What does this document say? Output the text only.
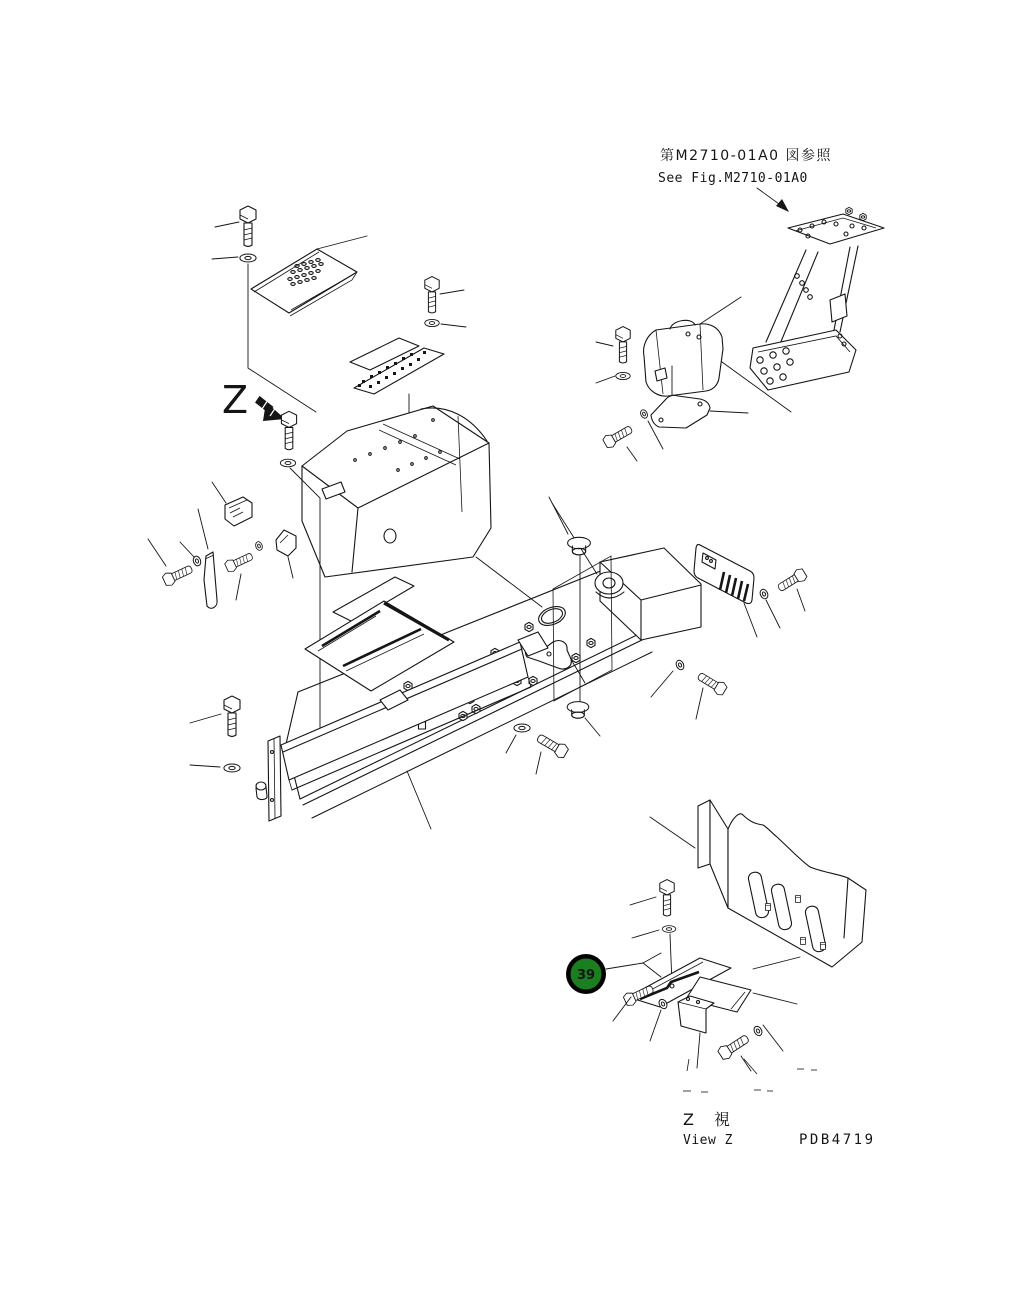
第M2710-01A0 図参照
See Fig.M2710-01A0
Z
39
Z　視
View Z	PDB4719
